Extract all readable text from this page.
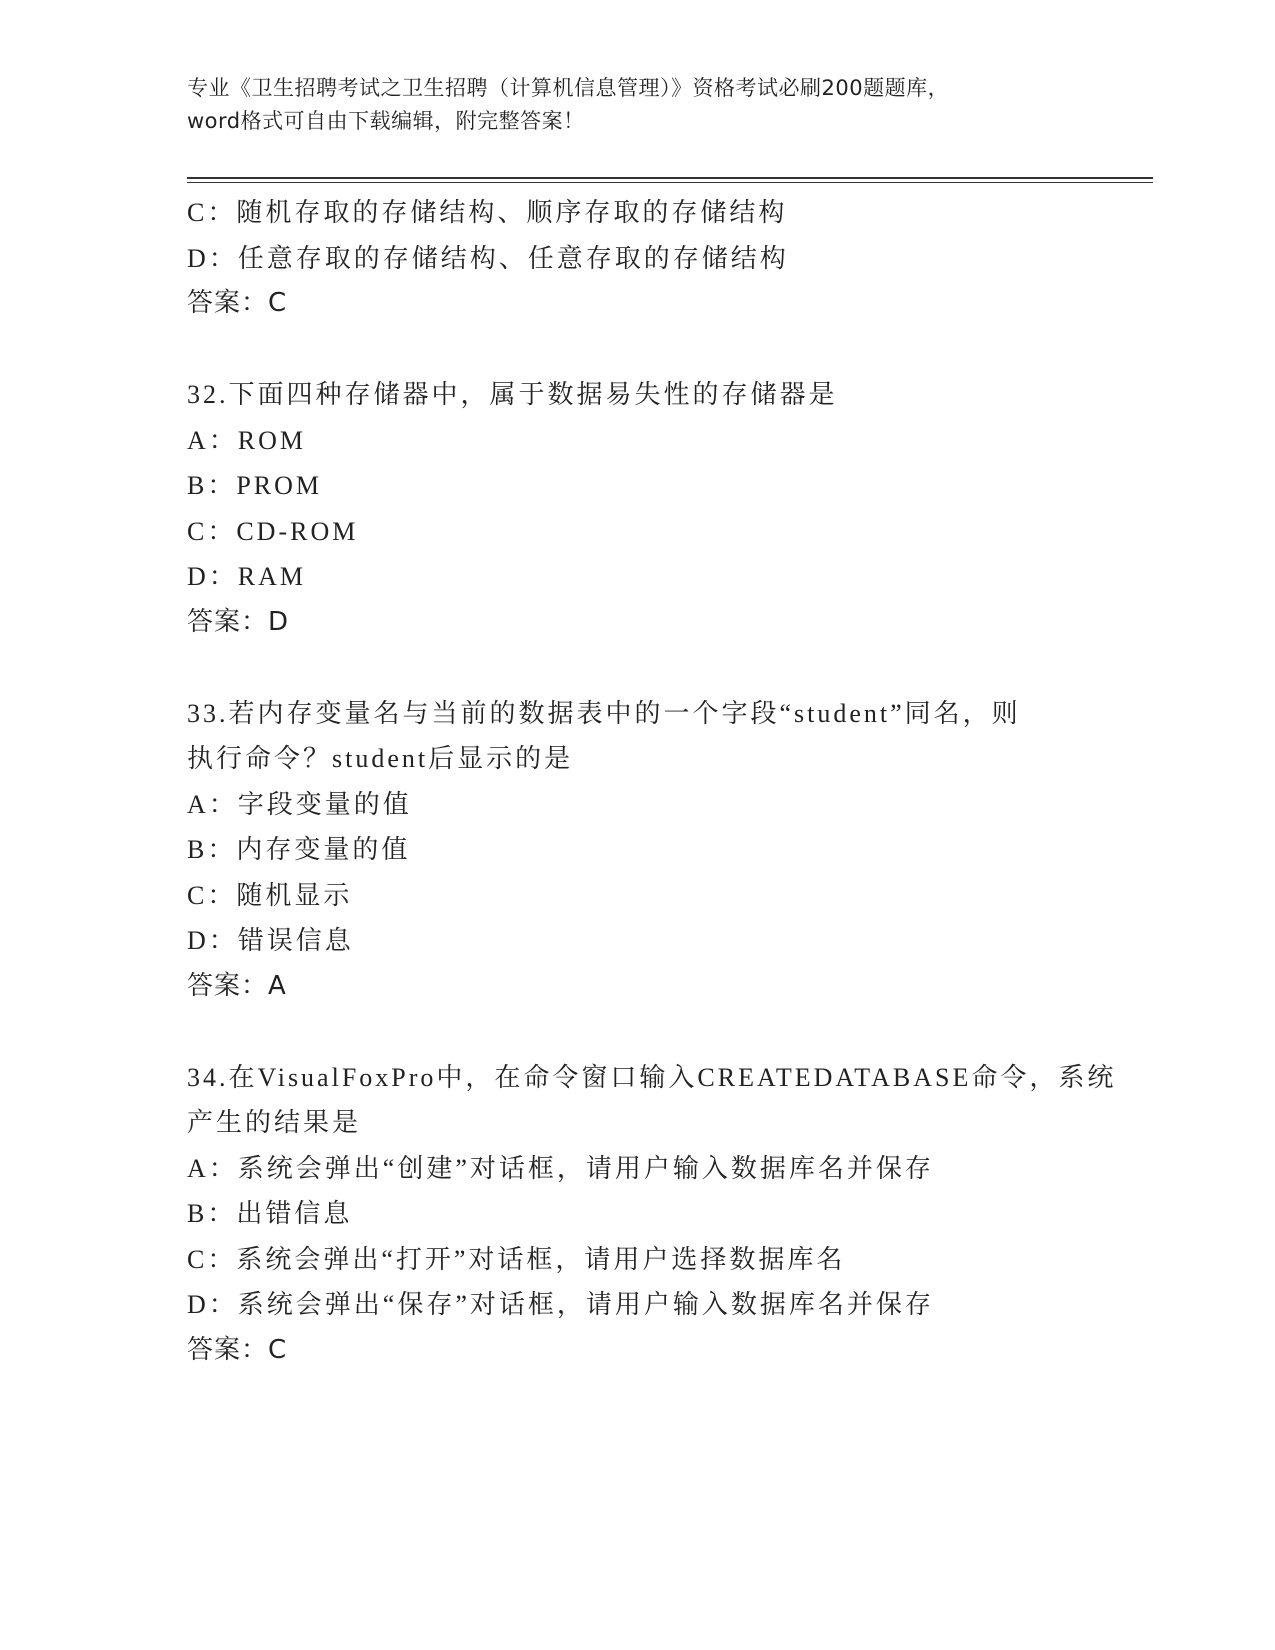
专业《卫生招聘考试之卫生招聘（计算机信息管理）》资格考试必刷200题题库，
word格式可自由下载编辑，附完整答案！
C：随机存取的存储结构、顺序存取的存储结构
D：任意存取的存储结构、任意存取的存储结构
答案：C
32.下面四种存储器中，属于数据易失性的存储器是
A：ROM
B：PROM
C：CD-ROM
D：RAM
答案：D
33.若内存变量名与当前的数据表中的一个字段“student”同名，则
执行命令？student后显示的是
A：字段变量的值
B：内存变量的值
C：随机显示
D：错误信息
答案：A
34.在VisualFoxPro中，在命令窗口输入CREATEDATABASE命令，系统
产生的结果是
A：系统会弹出“创建”对话框，请用户输入数据库名并保存
B：出错信息
C：系统会弹出“打开”对话框，请用户选择数据库名
D：系统会弹出“保存”对话框，请用户输入数据库名并保存
答案：C
